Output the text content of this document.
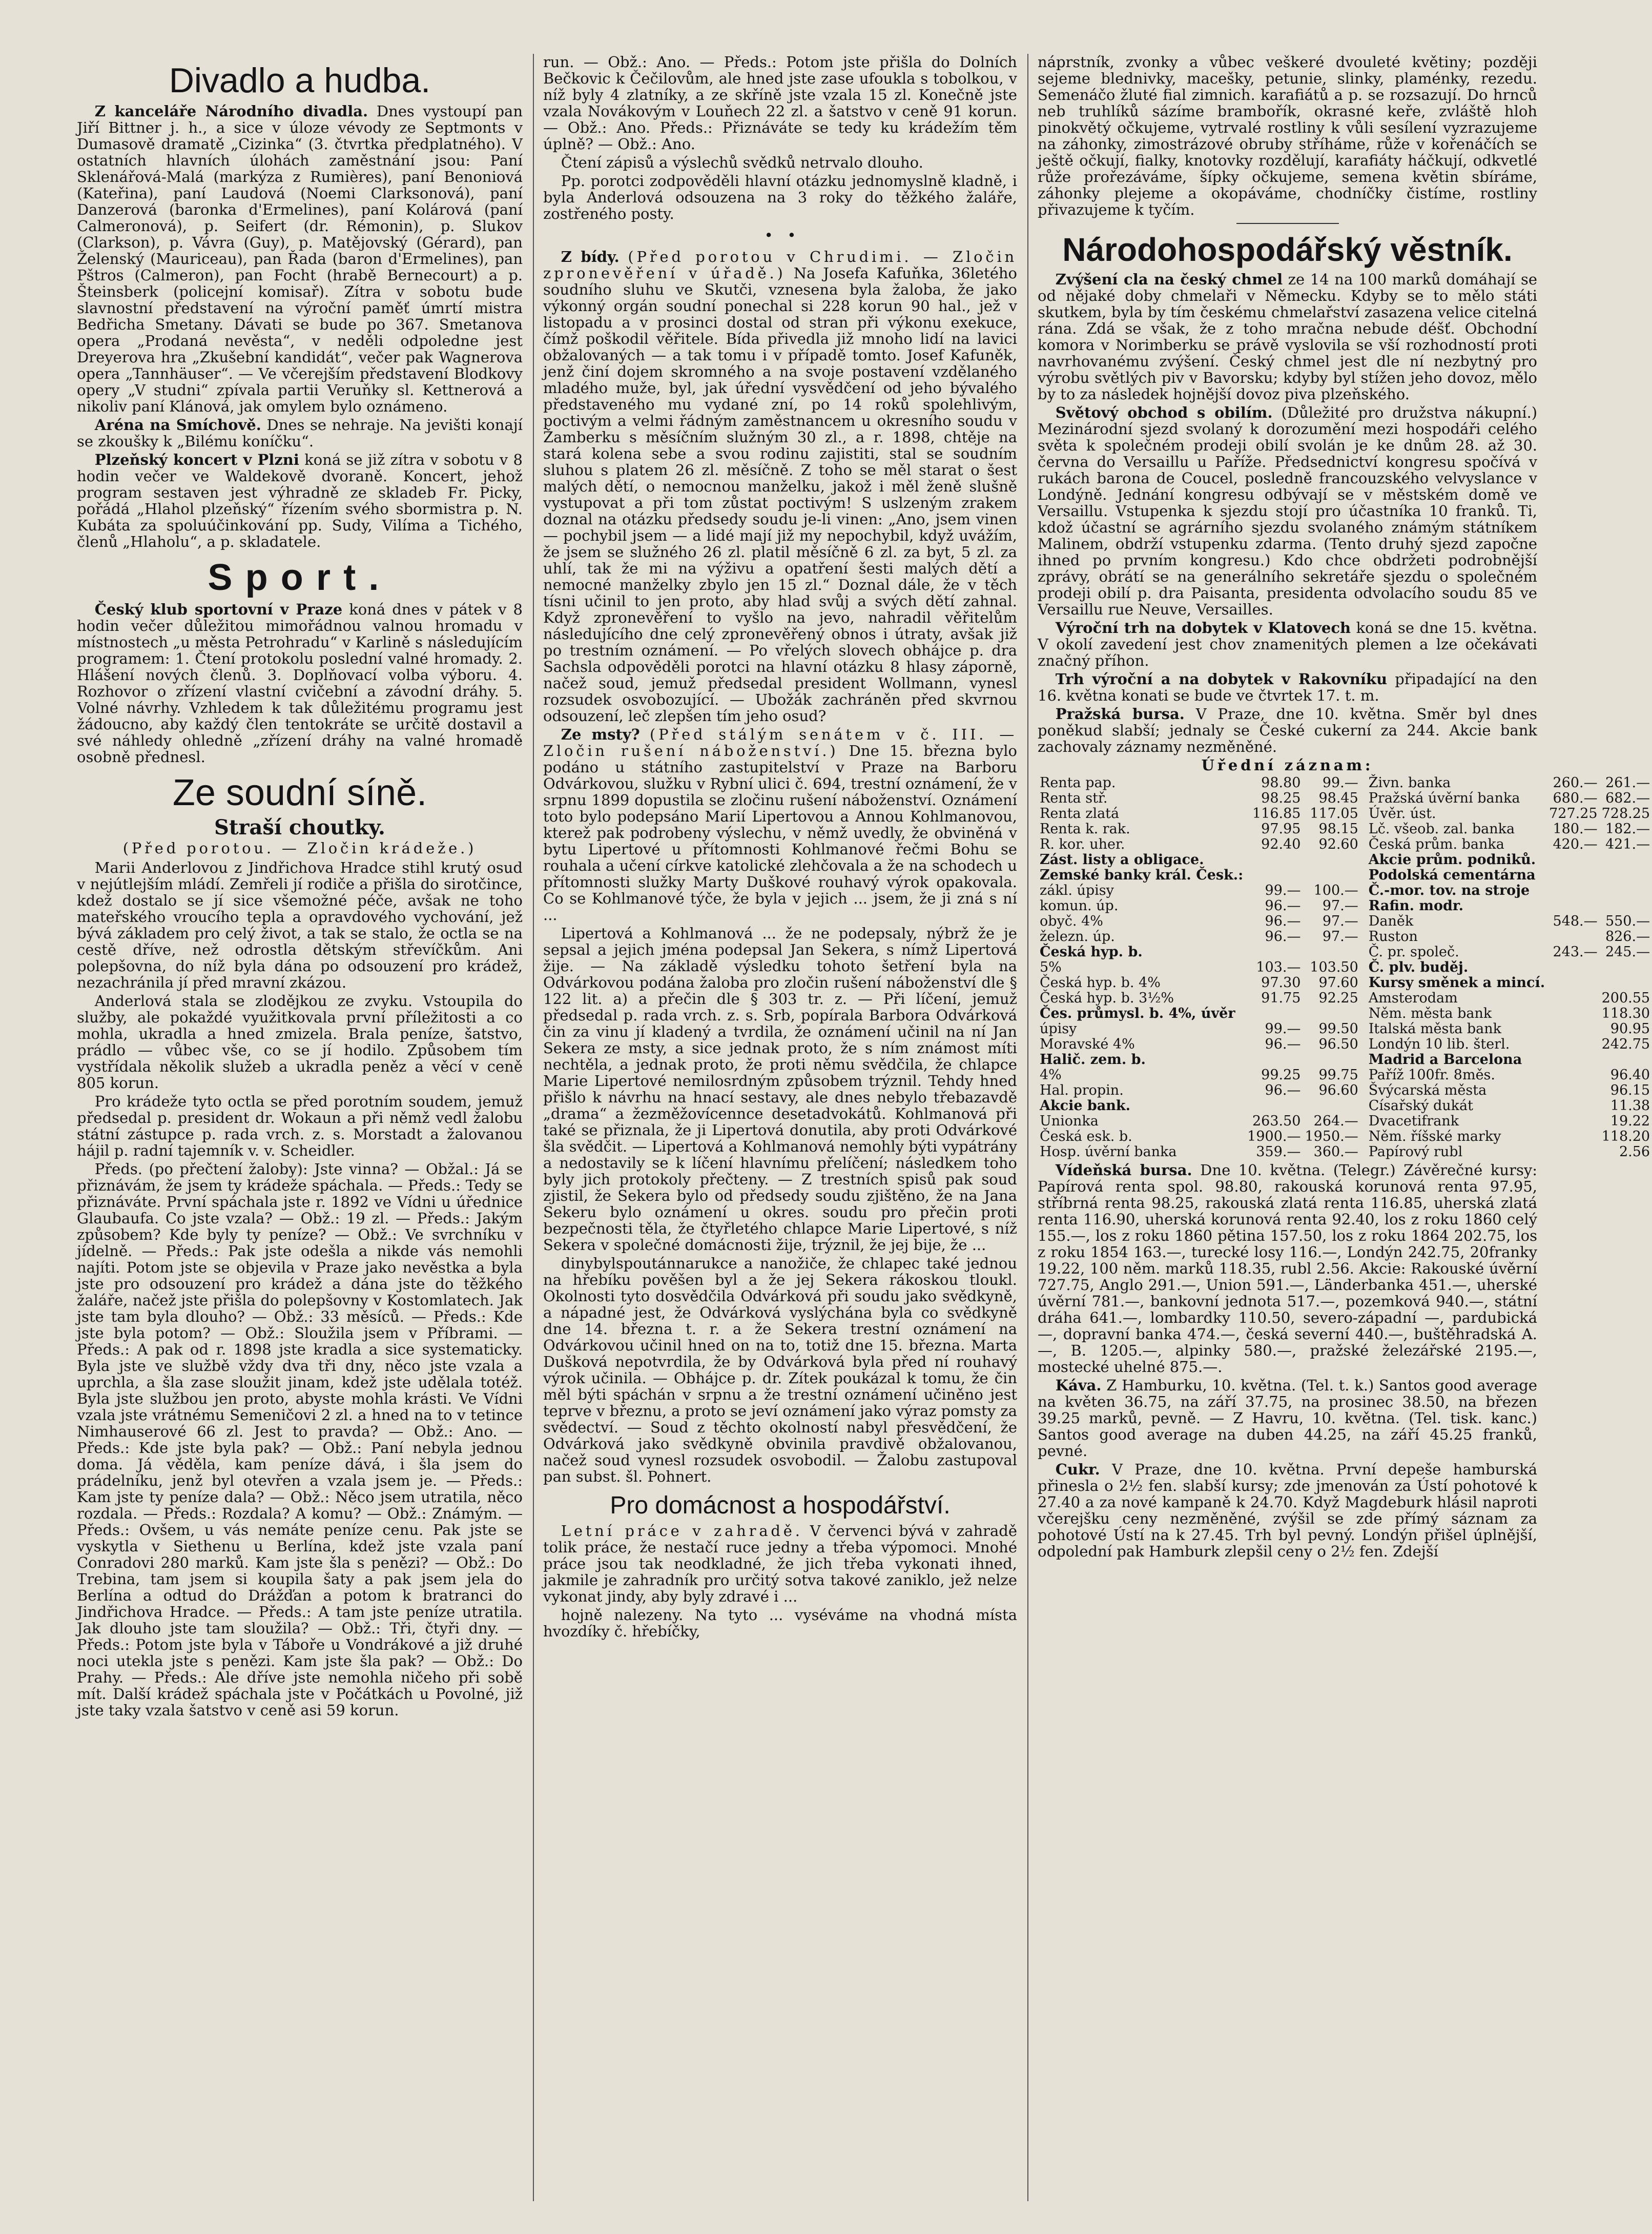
Divadlo a hudba.

Z kanceláře Národního divadla. Dnes vystoupí pan Jiří Bittner j. h., a sice v úloze vévody ze Septmonts v Dumasově dramatě „Cizinka“ (3. čtvrtka předplatného). V ostatních hlavních úlohách zaměstnání jsou: Paní Sklenářová-Malá (markýza z Rumières), paní Benoniová (Kateřina), paní Laudová (Noemi Clarksonová), paní Danzerová (baronka d'Ermelines), paní Kolárová (paní Calmeronová), p. Seifert (dr. Rémonin), p. Slukov (Clarkson), p. Vávra (Guy), p. Matějovský (Gérard), pan Želenský (Mauriceau), pan Řada (baron d'Ermelines), pan Pštros (Calmeron), pan Focht (hrabě Bernecourt) a p. Šteinsberk (policejní komisař). Zítra v sobotu bude slavnostní představení na výroční paměť úmrtí mistra Bedřicha Smetany. Dávati se bude po 367. Smetanova opera „Prodaná nevěsta“, v neděli odpoledne jest Dreyerova hra „Zkušební kandidát“, večer pak Wagnerova opera „Tannhäuser“. — Ve včerejším představení Blodkovy opery „V studni“ zpívala partii Veruňky sl. Kettnerová a nikoliv paní Klánová, jak omylem bylo oznámeno.

Aréna na Smíchově. Dnes se nehraje. Na jevišti konají se zkoušky k „Bilému koníčku“.

Plzeňský koncert v Plzni koná se již zítra v sobotu v 8 hodin večer ve Waldekově dvoraně. Koncert, jehož program sestaven jest výhradně ze skladeb Fr. Picky, pořádá „Hlahol plzeňský“ řízením svého sbormistra p. N. Kubáta za spoluúčinkování pp. Sudy, Vilíma a Tichého, členů „Hlaholu“, a p. skladatele.

Sport.

Český klub sportovní v Praze koná dnes v pátek v 8 hodin večer důležitou mimořádnou valnou hromadu v místnostech „u města Petrohradu“ v Karlině s následujícím programem: 1. Čtení protokolu poslední valné hromady. 2. Hlášení nových členů. 3. Doplňovací volba výboru. 4. Rozhovor o zřízení vlastní cvičební a závodní dráhy. 5. Volné návrhy. Vzhledem k tak důležitému programu jest žádoucno, aby každý člen tentokráte se určitě dostavil a své náhledy ohledně „zřízení dráhy na valné hromadě osobně přednesl.

Ze soudní síně.
Straší choutky.
(Před porotou. — Zločin krádeže.)

Marii Anderlovou z Jindřichova Hradce stihl krutý osud v nejútlejším mládí. Zemřeli jí rodiče a přišla do sirotčince, kdež dostalo se jí sice všemožné péče, avšak ne toho mateřského vroucího tepla a opravdového vychování, jež bývá základem pro celý život, a tak se stalo, že octla se na cestě dříve, než odrostla dětským střevíčkům. Ani polepšovna, do níž byla dána po odsouzení pro krádež, nezachránila jí před mravní zkázou.

Anderlová stala se zlodějkou ze zvyku. Vstoupila do služby, ale pokaždé využitkovala první příležitosti a co mohla, ukradla a hned zmizela. Brala peníze, šatstvo, prádlo — vůbec vše, co se jí hodilo. Způsobem tím vystřídala několik služeb a ukradla peněz a věcí v ceně 805 korun.

Pro krádeže tyto octla se před porotním soudem, jemuž předsedal p. president dr. Wokaun a při němž vedl žalobu státní zástupce p. rada vrch. z. s. Morstadt a žalovanou hájil p. radní tajemník v. v. Scheidler.

Předs. (po přečtení žaloby): Jste vinna? — Obžal.: Já se přiznávám, že jsem ty krádeže spáchala. — Předs.: Tedy se přiznáváte. První spáchala jste r. 1892 ve Vídni u úřednice Glaubaufa. Co jste vzala? — Obž.: 19 zl. — Předs.: Jakým způsobem? Kde byly ty peníze? — Obž.: Ve svrchníku v jídelně. — Předs.: Pak jste odešla a nikde vás nemohli najíti. Potom jste se objevila v Praze jako nevěstka a byla jste pro odsouzení pro krádež a dána jste do těžkého žaláře, načež jste přišla do polepšovny v Kostomlatech. Jak jste tam byla dlouho? — Obž.: 33 měsíců. — Předs.: Kde jste byla potom? — Obž.: Sloužila jsem v Příbrami. — Předs.: A pak od r. 1898 jste kradla a sice systematicky. Byla jste ve službě vždy dva tři dny, něco jste vzala a uprchla, a šla zase sloužit jinam, kdež jste udělala totéž. Byla jste službou jen proto, abyste mohla krásti. Ve Vídni vzala jste vrátnému Semeničovi 2 zl. a hned na to v tetince Nimhauserové 66 zl. Jest to pravda? — Obž.: Ano. — Předs.: Kde jste byla pak? — Obž.: Paní nebyla jednou doma. Já věděla, kam peníze dává, i šla jsem do prádelníku, jenž byl otevřen a vzala jsem je. — Předs.: Kam jste ty peníze dala? — Obž.: Něco jsem utratila, něco rozdala. — Předs.: Rozdala? A komu? — Obž.: Známým. — Předs.: Ovšem, u vás nemáte peníze cenu. Pak jste se vyskytla v Siethenu u Berlína, kdež jste vzala paní Conradovi 280 marků. Kam jste šla s penězi? — Obž.: Do Trebina, tam jsem si koupila šaty a pak jsem jela do Berlína a odtud do Drážďan a potom k bratranci do Jindřichova Hradce. — Předs.: A tam jste peníze utratila. Jak dlouho jste tam sloužila? — Obž.: Tři, čtyři dny. — Předs.: Potom jste byla v Táboře u Vondrákové a již druhé noci utekla jste s penězi. Kam jste šla pak? — Obž.: Do Prahy. — Předs.: Ale dříve jste nemohla ničeho při sobě mít. Další krádež spáchala jste v Počátkách u Povolné, již jste taky vzala šatstvo v ceně asi 59 korun.

run. — Obž.: Ano. — Předs.: Potom jste přišla do Dolních Bečkovic k Čečilovům, ale hned jste zase ufoukla s tobolkou, v níž byly 4 zlatníky, a ze skříně jste vzala 15 zl. Konečně jste vzala Novákovým v Louňech 22 zl. a šatstvo v ceně 91 korun. — Obž.: Ano. Předs.: Přiznáváte se tedy ku krádežím těm úplně? — Obž.: Ano.

Čtení zápisů a výslechů svědků netrvalo dlouho.

Pp. porotci zodpověděli hlavní otázku jednomyslně kladně, i byla Anderlová odsouzena na 3 roky do těžkého žaláře, zostřeného posty.

•   •

Z bídy. (Před porotou v Chrudimi. — Zločin zpronevěření v úřadě.) Na Josefa Kafuňka, 36letého soudního sluhu ve Skutči, vznesena byla žaloba, že jako výkonný orgán soudní ponechal si 228 korun 90 hal., jež v listopadu a v prosinci dostal od stran při výkonu exekuce, čímž poškodil věřitele. Bída přivedla již mnoho lidí na lavici obžalovaných — a tak tomu i v případě tomto. Josef Kafuněk, jenž činí dojem skromného a na svoje postavení vzdělaného mladého muže, byl, jak úřední vysvědčení od jeho bývalého představeného mu vydané zní, po 14 roků spolehlivým, poctivým a velmi řádným zaměstnancem u okresního soudu v Žamberku s měsíčním služným 30 zl., a r. 1898, chtěje na stará kolena sebe a svou rodinu zajistiti, stal se soudním sluhou s platem 26 zl. měsíčně. Z toho se měl starat o šest malých dětí, o nemocnou manželku, jakož i měl ženě slušně vystupovat a při tom zůstat poctivým! S uslzeným zrakem doznal na otázku předsedy soudu je-li vinen: „Ano, jsem vinen — pochybil jsem — a lidé mají již my nepochybil, když uvážím, že jsem se služného 26 zl. platil měsíčně 6 zl. za byt, 5 zl. za uhlí, tak že mi na výživu a opatření šesti malých dětí a nemocné manželky zbylo jen 15 zl.“ Doznal dále, že v těch tísni učinil to jen proto, aby hlad svůj a svých dětí zahnal. Když zpronevěření to vyšlo na jevo, nahradil věřitelům následujícího dne celý zpronevěřený obnos i útraty, avšak již po trestním oznámení. — Po vřelých slovech obhájce p. dra Sachsla odpověděli porotci na hlavní otázku 8 hlasy záporně, načež soud, jemuž předsedal president Wollmann, vynesl rozsudek osvobozující. — Ubožák zachráněn před skvrnou odsouzení, leč zlepšen tím jeho osud?

Ze msty? (Před stálým senátem v č. III. — Zločin rušení náboženství.) Dne 15. března bylo podáno u státního zastupitelství v Praze na Barboru Odvárkovou, služku v Rybní ulici č. 694, trestní oznámení, že v srpnu 1899 dopustila se zločinu rušení náboženství. Oznámení toto bylo podepsáno Marií Lipertovou a Annou Kohlmanovou, kterež pak podrobeny výslechu, v němž uvedly, že obviněná v bytu Lipertové u přítomnosti Kohlmanové řečmi Bohu se rouhala a učení církve katolické zlehčovala a že na schodech u přítomnosti služky Marty Duškové rouhavý výrok opakovala. Co se Kohlmanové týče, že byla v jejich ... jsem, že ji zná s ní ...

Lipertová a Kohlmanová ... že ne podepsaly, nýbrž že je sepsal a jejich jména podepsal Jan Sekera, s nímž Lipertová žije. — Na základě výsledku tohoto šetření byla na Odvárkovou podána žaloba pro zločin rušení náboženství dle § 122 lit. a) a přečin dle § 303 tr. z. — Při líčení, jemuž předsedal p. rada vrch. z. s. Srb, popírala Barbora Odvárková čin za vinu jí kladený a tvrdila, že oznámení učinil na ní Jan Sekera ze msty, a sice jednak proto, že s ním známost míti nechtěla, a jednak proto, že proti němu svědčila, že chlapce Marie Lipertové nemilosrdným způsobem trýznil. Tehdy hned přišlo k návrhu na hnací sestavy, ale dnes nebylo třebazavdě „drama“ a žezměžovícennce desetadvokátů. Kohlmanová při také se přiznala, že ji Lipertová donutila, aby proti Odvárkové šla svědčit. — Lipertová a Kohlmanová nemohly býti vypátrány a nedostavily se k líčení hlavnímu přelíčení; následkem toho byly jich protokoly přečteny. — Z trestních spisů pak soud zjistil, že Sekera bylo od předsedy soudu zjištěno, že na Jana Sekeru bylo oznámení u okres. soudu pro přečin proti bezpečnosti těla, že čtyřletého chlapce Marie Lipertové, s níž Sekera v společné domácnosti žije, trýznil, že jej bije, že ...

dinybylspoutánnarukce a nanožiče, že chlapec také jednou na hřebíku pověšen byl a že jej Sekera rákoskou tloukl. Okolnosti tyto dosvědčila Odvárková při soudu jako svědkyně, a nápadné jest, že Odvárková vyslýchána byla co svědkyně dne 14. března t. r. a že Sekera trestní oznámení na Odvárkovou učinil hned on na to, totiž dne 15. března. Marta Dušková nepotvrdila, že by Odvárková byla před ní rouhavý výrok učinila. — Obhájce p. dr. Zítek poukázal k tomu, že čin měl býti spáchán v srpnu a že trestní oznámení učiněno jest teprve v březnu, a proto se jeví oznámení jako výraz pomsty za svědectví. — Soud z těchto okolností nabyl přesvědčení, že Odvárková jako svědkyně obvinila pravdivě obžalovanou, načež soud vynesl rozsudek osvobodil. — Žalobu zastupoval pan subst. šl. Pohnert.

Pro domácnost a hospodářství.

Letní práce v zahradě. V červenci bývá v zahradě tolik práce, že nestačí ruce jedny a třeba výpomoci. Mnohé práce jsou tak neodkladné, že jich třeba vykonati ihned, jakmile je zahradník pro určitý sotva takové zaniklo, jež nelze vykonat jindy, aby byly zdravé i ...

hojně nalezeny. Na tyto ... vyséváme na vhodná místa hvozdíky č. hřebíčky,

náprstník, zvonky a vůbec veškeré dvouleté květiny; později sejeme blednivky, macešky, petunie, slinky, plaménky, rezedu. Semenáčo žluté fial zimnich. karafiátů a p. se rozsazují. Do hrnců neb truhlíků sázíme brambořík, okrasné keře, zvláště hloh pinokvětý očkujeme, vytrvalé rostliny k vůli sesílení vyzrazujeme na záhonky, zimostrázové obruby stříháme, růže v kořenáčích se ještě očkují, fialky, knotovky rozdělují, karafiáty háčkují, odkvetlé růže prořezáváme, šípky očkujeme, semena květin sbíráme, záhonky plejeme a okopáváme, chodníčky čistíme, rostliny přivazujeme k tyčím.

Národohospodářský věstník.

Zvýšení cla na český chmel ze 14 na 100 marků domáhají se od nějaké doby chmelaři v Německu. Kdyby se to mělo státi skutkem, byla by tím českému chmelařství zasazena velice citelná rána. Zdá se však, že z toho mračna nebude déšť. Obchodní komora v Norimberku se právě vyslovila se vší rozhodností proti navrhovanému zvýšení. Český chmel jest dle ní nezbytný pro výrobu světlých piv v Bavorsku; kdyby byl stížen jeho dovoz, mělo by to za následek hojnější dovoz piva plzeňského.

Světový obchod s obilím. (Důležité pro družstva nákupní.) Mezinárodní sjezd svolaný k dorozumění mezi hospodáři celého světa k společném prodeji obilí svolán je ke dnům 28. až 30. června do Versaillu u Paříže. Předsednictví kongresu spočívá v rukách barona de Coucel, posledně francouzského velvyslance v Londýně. Jednání kongresu odbývají se v městském domě ve Versaillu. Vstupenka k sjezdu stojí pro účastníka 10 franků. Ti, kdož účastní se agrárního sjezdu svolaného známým státníkem Malinem, obdrží vstupenku zdarma. (Tento druhý sjezd započne ihned po prvním kongresu.) Kdo chce obdržeti podrobnější zprávy, obrátí se na generálního sekretáře sjezdu o společném prodeji obilí p. dra Paisanta, presidenta odvolacího soudu 85 ve Versaillu rue Neuve, Versailles.

Výroční trh na dobytek v Klatovech koná se dne 15. května. V okolí zavedení jest chov znamenitých plemen a lze očekávati značný příhon.

Trh výroční a na dobytek v Rakovníku připadající na den 16. května konati se bude ve čtvrtek 17. t. m.

Pražská bursa. V Praze, dne 10. května. Směr byl dnes poněkud slabší; jednaly se České cukerní za 244. Akcie bank zachovaly záznamy nezměněné.

Úřední záznam:
Renta pap.	98.80	99.—
Renta stř.	98.25	98.45
Renta zlatá	116.85	117.05
Renta k. rak.	97.95	98.15
R. kor. uher.	92.40	92.60
Zást. listy a obligace.		
Zemské banky král. Česk.:		
zákl. úpisy	99.—	100.—
komun. úp.	96.—	97.—
obyč. 4%	96.—	97.—
železn. úp.	96.—	97.—
Česká hyp. b.		
5%	103.—	103.50
Česká hyp. b. 4%	97.30	97.60
Česká hyp. b. 3½%	91.75	92.25
Čes. průmysl. b. 4%, úvěr		
úpisy	99.—	99.50
Moravské 4%	96.—	96.50
Halič. zem. b.		
4%	99.25	99.75
Hal. propin.	96.—	96.60
Akcie bank.		
Unionka	263.50	264.—
Česká esk. b.	1900.—	1950.—
Hosp. úvěrní banka	359.—	360.—
Živn. banka	260.—	261.—
Pražská úvěrní banka	680.—	682.—
Úvěr. úst.	727.25	728.25
Lč. všeob. zal. banka	180.—	182.—
Česká prům. banka	420.—	421.—
Akcie prům. podniků.		
Podolská cementárna		
Č.-mor. tov. na stroje		
Rafin. modr.		
Daněk	548.—	550.—
Ruston		826.—
Č. pr. společ.	243.—	245.—
Č. plv. buděj.		
Kursy směnek a mincí.		
Amsterodam		200.55
Něm. města bank		118.30
Italská města bank		90.95
Londýn 10 lib. šterl.		242.75
Madrid a Barcelona		
Paříž 100fr. 8měs.		96.40
Švýcarská města		96.15
Císařský dukát		11.38
Dvacetifrank		19.22
Něm. říšské marky		118.20
Papírový rubl		2.56

Vídeňská bursa. Dne 10. května. (Telegr.) Závěrečné kursy: Papírová renta spol. 98.80, rakouská korunová renta 97.95, stříbrná renta 98.25, rakouská zlatá renta 116.85, uherská zlatá renta 116.90, uherská korunová renta 92.40, los z roku 1860 celý 155.—, los z roku 1860 pětina 157.50, los z roku 1864 202.75, los z roku 1854 163.—, turecké losy 116.—, Londýn 242.75, 20franky 19.22, 100 něm. marků 118.35, rubl 2.56. Akcie: Rakouské úvěrní 727.75, Anglo 291.—, Union 591.—, Länderbanka 451.—, uherské úvěrní 781.—, bankovní jednota 517.—, pozemková 940.—, státní dráha 641.—, lombardky 110.50, severo-západní —, pardubická —, dopravní banka 474.—, česká severní 440.—, buštěhradská A. —, B. 1205.—, alpinky 580.—, pražské železářské 2195.—, mostecké uhelné 875.—.

Káva. Z Hamburku, 10. května. (Tel. t. k.) Santos good average na květen 36.75, na září 37.75, na prosinec 38.50, na březen 39.25 marků, pevně. — Z Havru, 10. května. (Tel. tisk. kanc.) Santos good average na duben 44.25, na září 45.25 franků, pevné.

Cukr. V Praze, dne 10. května. První depeše hamburská přinesla o 2½ fen. slabší kursy; zde jmenován za Ústí pohotové k 27.40 a za nové kampaně k 24.70. Když Magdeburk hlásil naproti včerejšku ceny nezměněné, zvýšil se zde přímý sáznam za pohotové Ústí na k 27.45. Trh byl pevný. Londýn přišel úplnější, odpolední pak Hamburk zlepšil ceny o 2½ fen. Zdejší
